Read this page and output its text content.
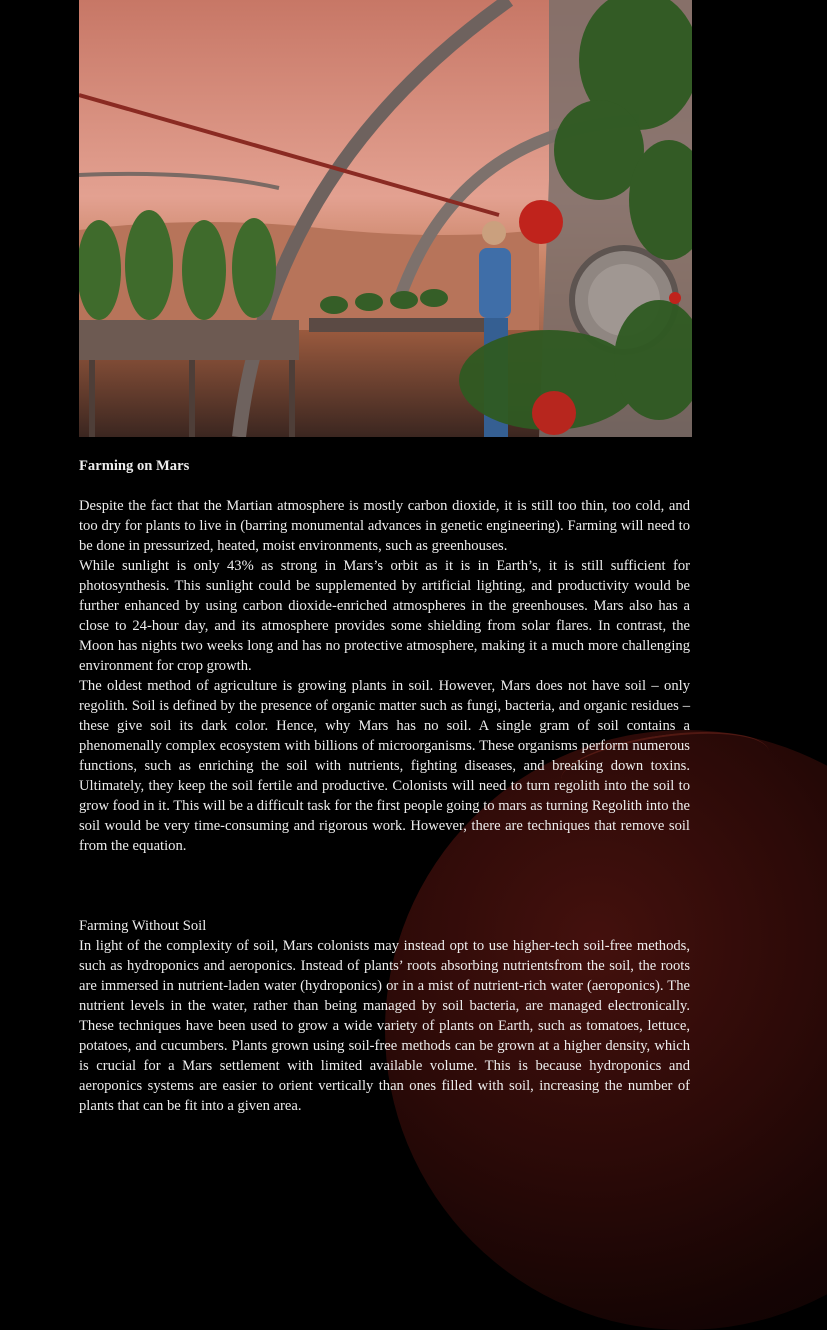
Farming on Mars

Despite the fact that the Martian atmosphere is mostly carbon dioxide, it is still too thin, too cold, and too dry for plants to live in (barring monumental advances in genetic engineering). Farming will need to be done in pressurized, heated, moist environments, such as greenhouses.

While sunlight is only 43% as strong in Mars’s orbit as it is in Earth’s, it is still sufficient for photosynthesis. This sunlight could be supplemented by artificial lighting, and productivity would be further enhanced by using carbon dioxide-enriched atmospheres in the greenhouses. Mars also has a close to 24-hour day, and its atmosphere provides some shielding from solar flares. In contrast, the Moon has nights two weeks long and has no protective atmosphere, making it a much more challenging environment for crop growth.

The oldest method of agriculture is growing plants in soil. However, Mars does not have soil – only regolith. Soil is defined by the presence of organic matter such as fungi, bacteria, and organic residues – these give soil its dark color. Hence, why Mars has no soil. A single gram of soil contains a phenomenally complex ecosystem with billions of microorganisms. These organisms perform numerous functions, such as enriching the soil with nutrients, fighting diseases, and breaking down toxins. Ultimately, they keep the soil fertile and productive. Colonists will need to turn regolith into the soil to grow food in it. This will be a difficult task for the first people going to mars as turning Regolith into the soil would be very time-consuming and rigorous work. However, there are techniques that remove soil from the equation.

Farming Without Soil

In light of the complexity of soil, Mars colonists may instead opt to use higher-tech soil-free methods, such as hydroponics and aeroponics. Instead of plants’ roots absorbing nutrientsfrom the soil, the roots are immersed in nutrient-laden water (hydroponics) or in a mist of nutrient-rich water (aeroponics). The nutrient levels in the water, rather than being managed by soil bacteria, are managed electronically. These techniques have been used to grow a wide variety of plants on Earth, such as tomatoes, lettuce, potatoes, and cucumbers. Plants grown using soil-free methods can be grown at a higher density, which is crucial for a Mars settlement with limited available volume. This is because hydroponics and aeroponics systems are easier to orient vertically than ones filled with soil, increasing the number of plants that can be fit into a given area.
